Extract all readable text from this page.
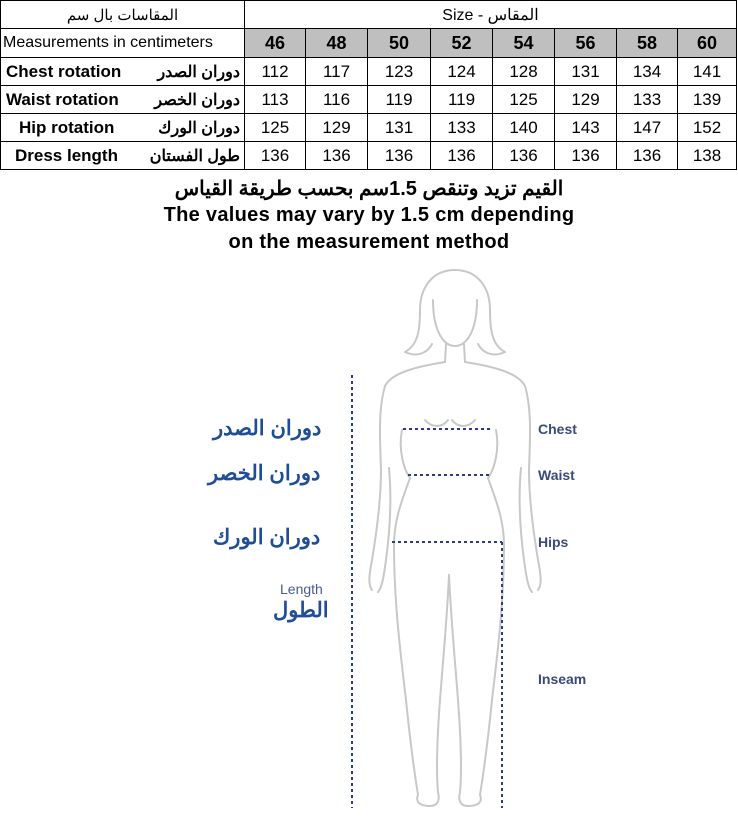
المقاسات بال سم		Size - المقاس							
Measurements in centimeters		46	48	50	52	54	56	58	60
Chest rotation	دوران الصدر	112	117	123	124	128	131	134	141
Waist rotation	دوران الخصر	113	116	119	119	125	129	133	139
Hip rotation	دوران الورك	125	129	131	133	140	143	147	152
Dress length	طول الفستان	136	136	136	136	136	136	136	138
القيم تزيد وتنقص 1.5سم بحسب طريقة القياس
The values may vary by 1.5 cm depending
on the measurement method
دوران الصدر
دوران الخصر
دوران الورك
Length
الطول
Chest
Waist
Hips
Inseam
